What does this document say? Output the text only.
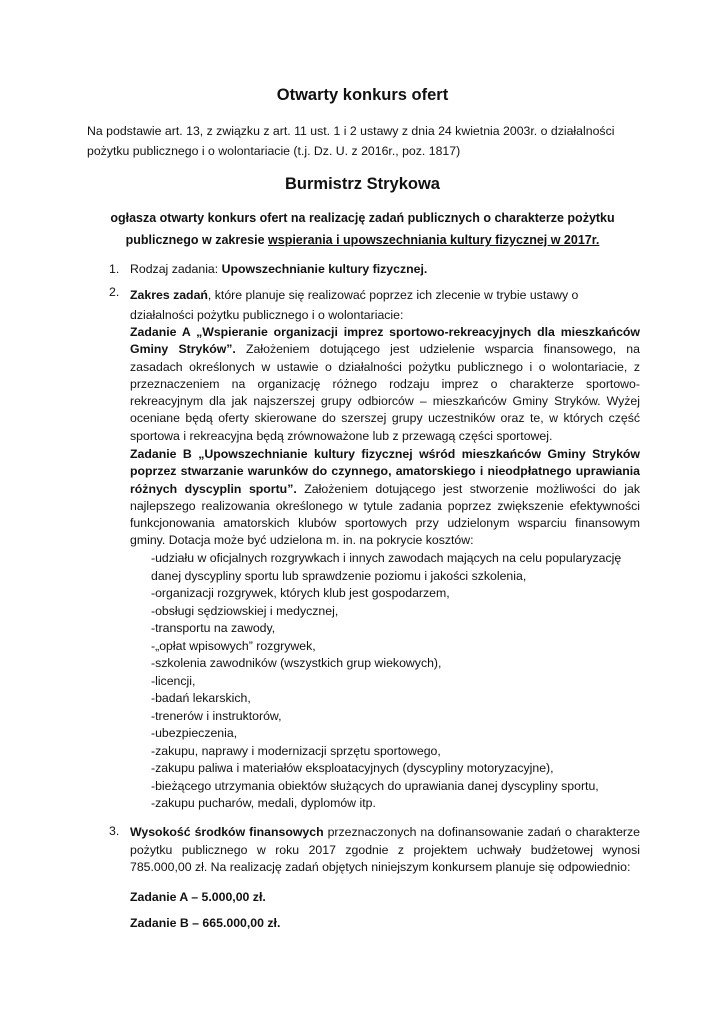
Otwarty konkurs ofert
Na podstawie art. 13, z związku z art. 11 ust. 1 i 2 ustawy z dnia 24 kwietnia 2003r. o działalności pożytku publicznego i o wolontariacie (t.j. Dz. U. z 2016r., poz. 1817)
Burmistrz Strykowa
ogłasza otwarty konkurs ofert na realizację zadań publicznych o charakterze pożytku publicznego w zakresie wspierania i upowszechniania kultury fizycznej w 2017r.
1. Rodzaj zadania: Upowszechnianie kultury fizycznej.
2. Zakres zadań, które planuje się realizować poprzez ich zlecenie w trybie ustawy o działalności pożytku publicznego i o wolontariacie:
Zadanie A „Wspieranie organizacji imprez sportowo-rekreacyjnych dla mieszkańców Gminy Stryków”. Założeniem dotującego jest udzielenie wsparcia finansowego, na zasadach określonych w ustawie o działalności pożytku publicznego i o wolontariacie, z przeznaczeniem na organizację różnego rodzaju imprez o charakterze sportowo-rekreacyjnym dla jak najszerszej grupy odbiorców – mieszkańców Gminy Stryków. Wyżej oceniane będą oferty skierowane do szerszej grupy uczestników oraz te, w których część sportowa i rekreacyjna będą zrównoważone lub z przewagą części sportowej.
Zadanie B „Upowszechnianie kultury fizycznej wśród mieszkańców Gminy Stryków poprzez stwarzanie warunków do czynnego, amatorskiego i nieodpłatnego uprawiania różnych dyscyplin sportu”. Założeniem dotującego jest stworzenie możliwości do jak najlepszego realizowania określonego w tytule zadania poprzez zwiększenie efektywności funkcjonowania amatorskich klubów sportowych przy udzielonym wsparciu finansowym gminy. Dotacja może być udzielona m. in. na pokrycie kosztów:
-udziału w oficjalnych rozgrywkach i innych zawodach mających na celu popularyzację danej dyscypliny sportu lub sprawdzenie poziomu i jakości szkolenia,
-organizacji rozgrywek, których klub jest gospodarzem,
-obsługi sędziowskiej i medycznej,
-transportu na zawody,
-„opłat wpisowych” rozgrywek,
-szkolenia zawodników (wszystkich grup wiekowych),
-licencji,
-badań lekarskich,
-trenerów i instruktorów,
-ubezpieczenia,
-zakupu, naprawy i modernizacji sprzętu sportowego,
-zakupu paliwa i materiałów eksploatacyjnych (dyscypliny motoryzacyjne),
-bieżącego utrzymania obiektów służących do uprawiania danej dyscypliny sportu,
-zakupu pucharów, medali, dyplomów itp.
3. Wysokość środków finansowych przeznaczonych na dofinansowanie zadań o charakterze pożytku publicznego w roku 2017 zgodnie z projektem uchwały budżetowej wynosi 785.000,00 zł. Na realizację zadań objętych niniejszym konkursem planuje się odpowiednio:
Zadanie A – 5.000,00 zł.
Zadanie B – 665.000,00 zł.
